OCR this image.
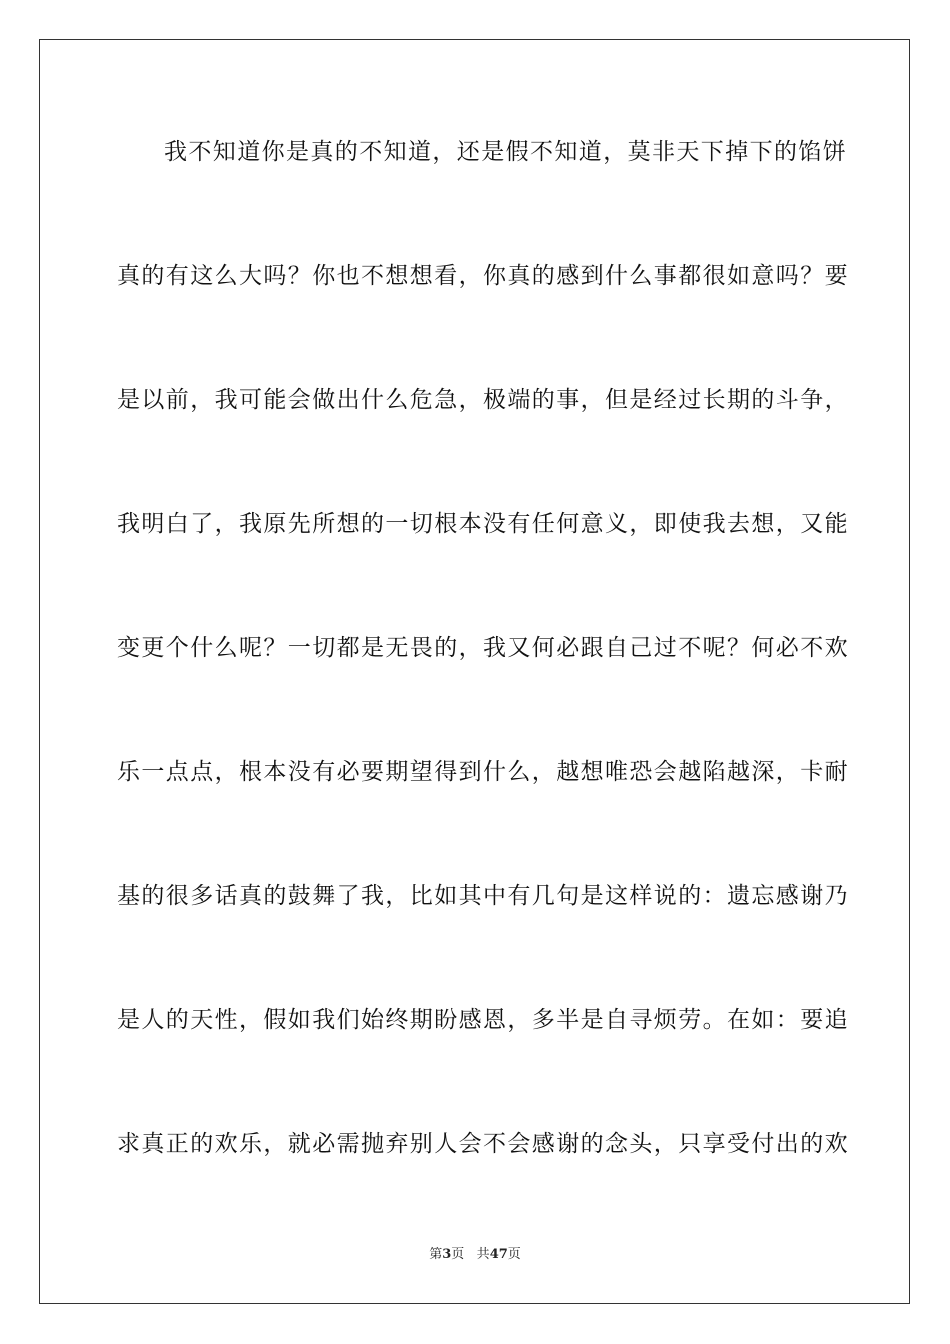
我不知道你是真的不知道，还是假不知道，莫非天下掉下的馅饼
真的有这么大吗？你也不想想看，你真的感到什么事都很如意吗？要
是以前，我可能会做出什么危急，极端的事，但是经过长期的斗争，
我明白了，我原先所想的一切根本没有任何意义，即使我去想，又能
变更个什么呢？一切都是无畏的，我又何必跟自己过不呢？何必不欢
乐一点点，根本没有必要期望得到什么，越想唯恐会越陷越深，卡耐
基的很多话真的鼓舞了我，比如其中有几句是这样说的：遗忘感谢乃
是人的天性，假如我们始终期盼感恩，多半是自寻烦劳。在如：要追
求真正的欢乐，就必需抛弃别人会不会感谢的念头，只享受付出的欢
第3页 共47页
